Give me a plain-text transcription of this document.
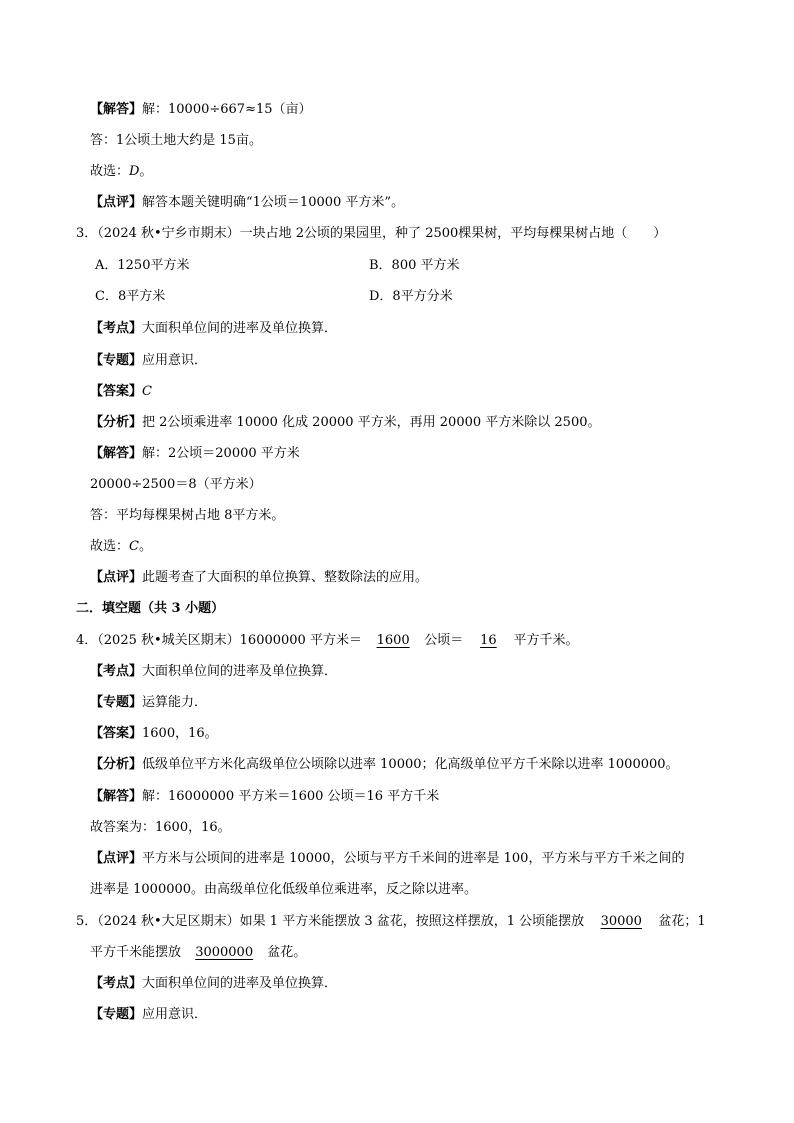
【解答】解：10000÷667≈15（亩）
答：1公顷土地大约是 15亩。
故选：D。
【点评】解答本题关键明确“1公顷＝10000 平方米”。
3．（2024 秋•宁乡市期末）一块占地 2公顷的果园里，种了 2500棵果树，平均每棵果树占地（　　）
A．1250平方米	B．800 平方米
C．8平方米	D．8平方分米
【考点】大面积单位间的进率及单位换算．
【专题】应用意识．
【答案】C
【分析】把 2公顷乘进率 10000 化成 20000 平方米，再用 20000 平方米除以 2500。
【解答】解：2公顷＝20000 平方米
20000÷2500＝8（平方米）
答：平均每棵果树占地 8平方米。
故选：C。
【点评】此题考查了大面积的单位换算、整数除法的应用。
二．填空题（共 3 小题）
4．（2025 秋•城关区期末）16000000 平方米＝ 1600 公顷＝ 16 平方千米。
【考点】大面积单位间的进率及单位换算．
【专题】运算能力．
【答案】1600，16。
【分析】低级单位平方米化高级单位公顷除以进率 10000；化高级单位平方千米除以进率 1000000。
【解答】解：16000000 平方米＝1600 公顷＝16 平方千米
故答案为：1600，16。
【点评】平方米与公顷间的进率是 10000，公顷与平方千米间的进率是 100，平方米与平方千米之间的
进率是 1000000。由高级单位化低级单位乘进率，反之除以进率。
5．（2024 秋•大足区期末）如果 1 平方米能摆放 3 盆花，按照这样摆放，1 公顷能摆放 30000 盆花；1
平方千米能摆放 3000000 盆花。
【考点】大面积单位间的进率及单位换算．
【专题】应用意识．
